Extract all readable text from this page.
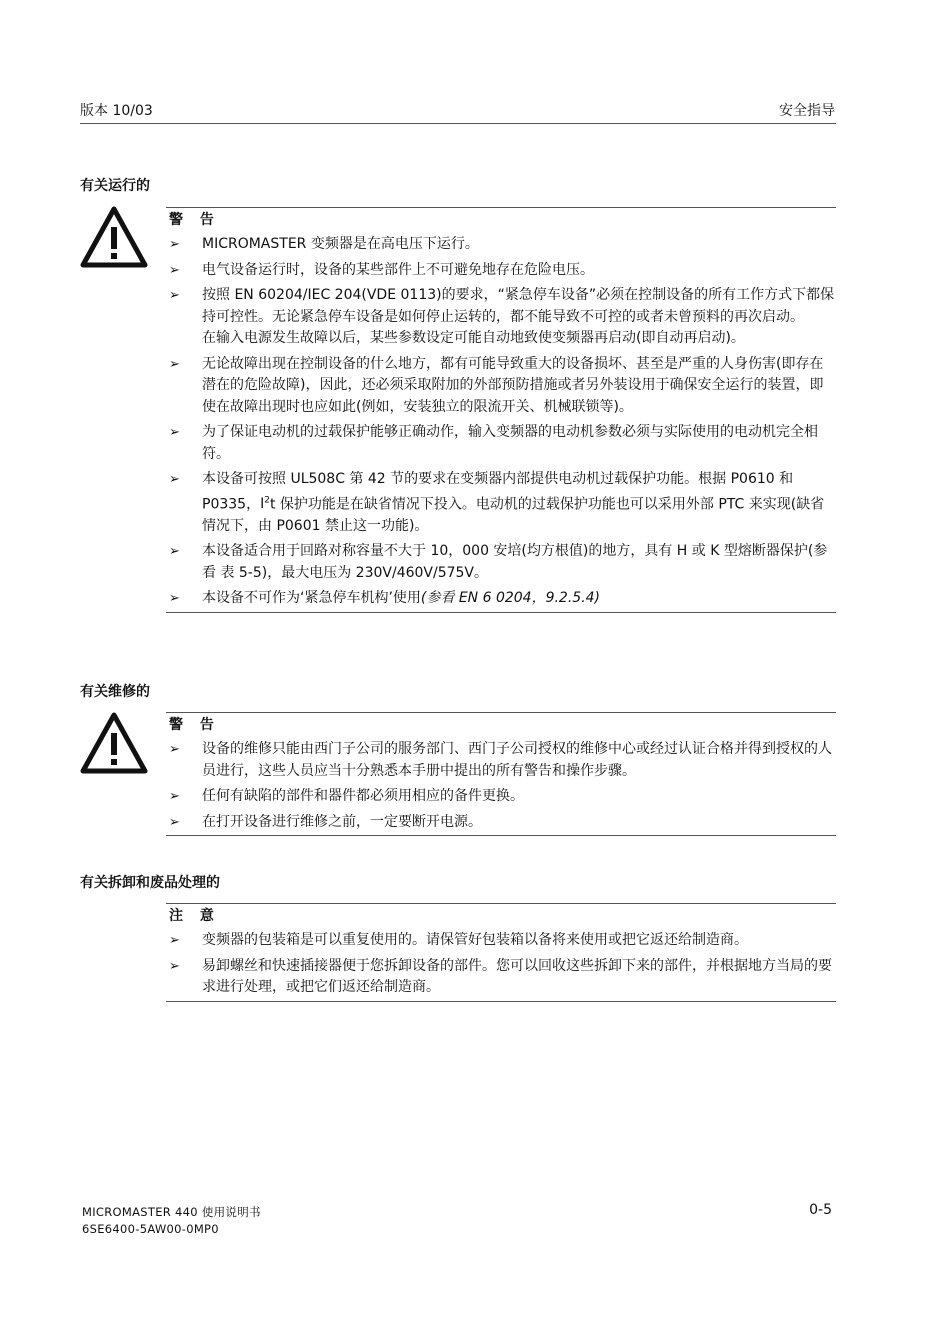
版本 10/03	安全指导
有关运行的
警 告
➢ MICROMASTER 变频器是在高电压下运行。
➢ 电气设备运行时，设备的某些部件上不可避免地存在危险电压。
➢ 按照 EN 60204/IEC 204(VDE 0113)的要求，“紧急停车设备”必须在控制设备的所有工作方式下都保持可控性。无论紧急停车设备是如何停止运转的，都不能导致不可控的或者未曾预料的再次启动。
在输入电源发生故障以后，某些参数设定可能自动地致使变频器再启动(即自动再启动)。
➢ 无论故障出现在控制设备的什么地方，都有可能导致重大的设备损坏、甚至是严重的人身伤害(即存在潜在的危险故障)，因此，还必须采取附加的外部预防措施或者另外装设用于确保安全运行的装置，即使在故障出现时也应如此(例如，安装独立的限流开关、机械联锁等)。
➢ 为了保证电动机的过载保护能够正确动作，输入变频器的电动机参数必须与实际使用的电动机完全相符。
➢ 本设备可按照 UL508C 第 42 节的要求在变频器内部提供电动机过载保护功能。根据 P0610 和 P0335，$I^2t$ 保护功能是在缺省情况下投入。电动机的过载保护功能也可以采用外部 PTC 来实现(缺省情况下，由 P0601 禁止这一功能)。
➢ 本设备适合用于回路对称容量不大于 10，000 安培(均方根值)的地方，具有 H 或 K 型熔断器保护(参看 表 5-5)，最大电压为 230V/460V/575V。
➢ 本设备不可作为‘紧急停车机构’使用(参看 EN 6 0204，9.2.5.4)
有关维修的
警 告
➢ 设备的维修只能由西门子公司的服务部门、西门子公司授权的维修中心或经过认证合格并得到授权的人员进行，这些人员应当十分熟悉本手册中提出的所有警告和操作步骤。
➢ 任何有缺陷的部件和器件都必须用相应的备件更换。
➢ 在打开设备进行维修之前，一定要断开电源。
有关拆卸和废品处理的
注 意
➢ 变频器的包装箱是可以重复使用的。请保管好包装箱以备将来使用或把它返还给制造商。
➢ 易卸螺丝和快速插接器便于您拆卸设备的部件。您可以回收这些拆卸下来的部件，并根据地方当局的要求进行处理，或把它们返还给制造商。
MICROMASTER 440 使用说明书
6SE6400-5AW00-0MP0
0-5
